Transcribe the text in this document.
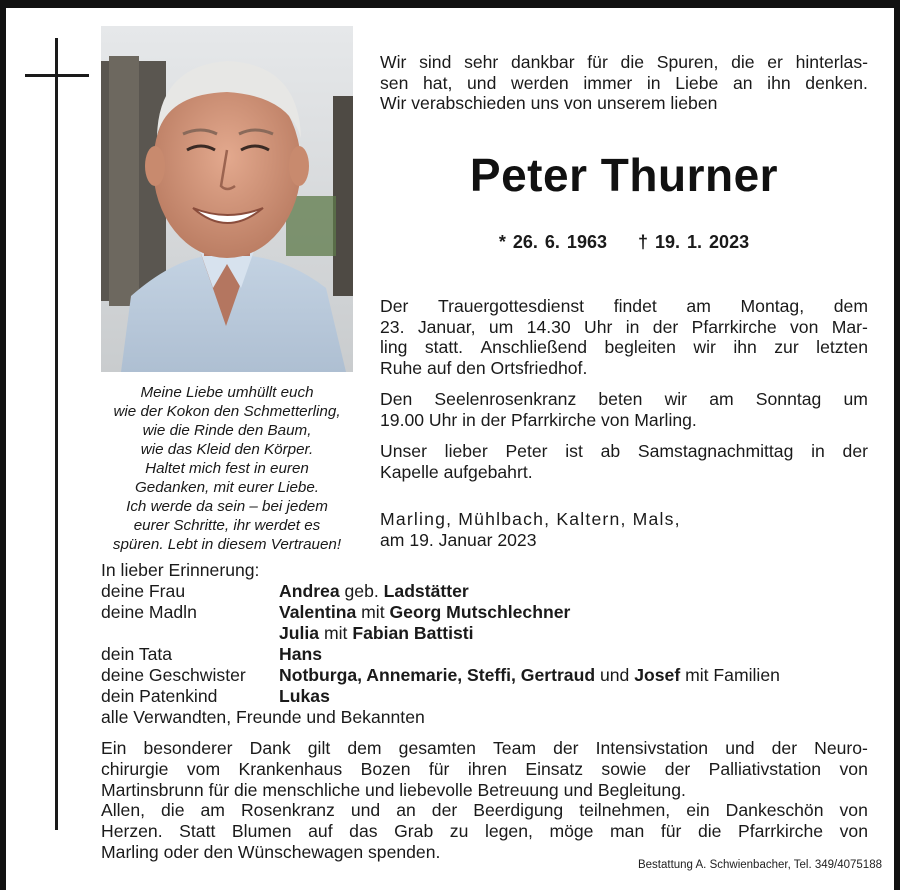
Meine Liebe umhüllt euch
wie der Kokon den Schmetterling,
wie die Rinde den Baum,
wie das Kleid den Körper.
Haltet mich fest in euren
Gedanken, mit eurer Liebe.
Ich werde da sein – bei jedem
eurer Schritte, ihr werdet es
spüren. Lebt in diesem Vertrauen!
Wir sind sehr dankbar für die Spuren, die er hinterlas-
sen hat, und werden immer in Liebe an ihn denken.
Wir verabschieden uns von unserem lieben
Peter Thurner
* 26. 6. 1963 † 19. 1. 2023
Der Trauergottesdienst findet am Montag, dem
23. Januar, um 14.30 Uhr in der Pfarrkirche von Mar-
ling statt. Anschließend begleiten wir ihn zur letzten
Ruhe auf den Ortsfriedhof.
Den Seelenrosenkranz beten wir am Sonntag um
19.00 Uhr in der Pfarrkirche von Marling.
Unser lieber Peter ist ab Samstagnachmittag in der
Kapelle aufgebahrt.
Marling, Mühlbach, Kaltern, Mals,
am 19. Januar 2023
In lieber Erinnerung:
deine Frau	Andrea geb. Ladstätter
deine Madln	Valentina mit Georg Mutschlechner
Julia mit Fabian Battisti
dein Tata	Hans
deine Geschwister	Notburga, Annemarie, Steffi, Gertraud und Josef mit Familien
dein Patenkind	Lukas
alle Verwandten, Freunde und Bekannten
Ein besonderer Dank gilt dem gesamten Team der Intensivstation und der Neuro-
chirurgie vom Krankenhaus Bozen für ihren Einsatz sowie der Palliativstation von
Martinsbrunn für die menschliche und liebevolle Betreuung und Begleitung.
Allen, die am Rosenkranz und an der Beerdigung teilnehmen, ein Dankeschön von
Herzen. Statt Blumen auf das Grab zu legen, möge man für die Pfarrkirche von
Marling oder den Wünschewagen spenden.
Bestattung A. Schwienbacher, Tel. 349/4075188
